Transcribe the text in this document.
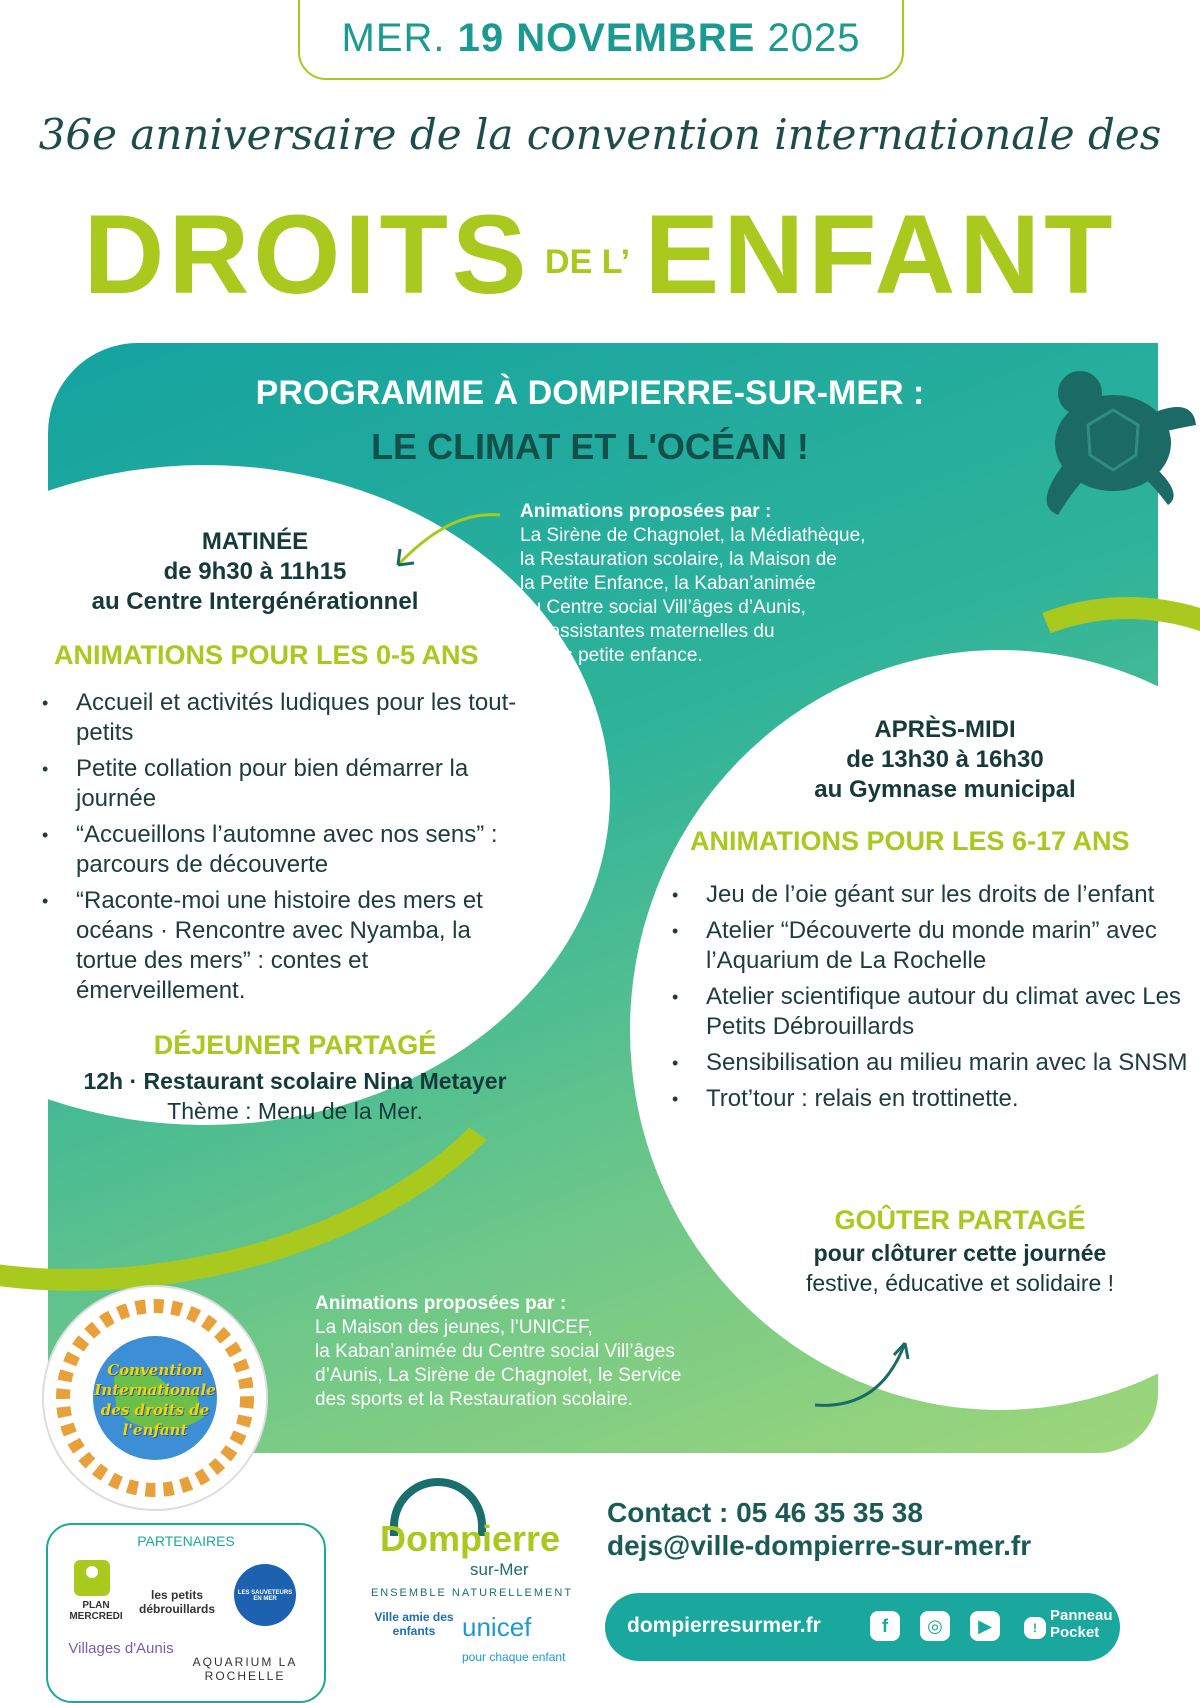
MER. 19 NOVEMBRE 2025
36e anniversaire de la convention internationale des
DROITS DE L’ ENFANT
PROGRAMME À DOMPIERRE-SUR-MER :
LE CLIMAT ET L'OCÉAN !
MATINÉE
de 9h30 à 11h15
au Centre Intergénérationnel
ANIMATIONS POUR LES 0-5 ANS
• Accueil et activités ludiques pour les tout-petits
• Petite collation pour bien démarrer la journée
• “Accueillons l’automne avec nos sens” : parcours de découverte
• “Raconte-moi une histoire des mers et océans · Rencontre avec Nyamba, la tortue des mers” : contes et émerveillement.
DÉJEUNER PARTAGÉ
12h · Restaurant scolaire Nina Metayer
Thème : Menu de la Mer.
Animations proposées par :
La Sirène de Chagnolet, la Médiathèque,
la Restauration scolaire, la Maison de
la Petite Enfance, la Kaban’animée
du Centre social Vill’âges d’Aunis,
les assistantes maternelles du
Relais petite enfance.
APRÈS-MIDI
de 13h30 à 16h30
au Gymnase municipal
ANIMATIONS POUR LES 6-17 ANS
• Jeu de l’oie géant sur les droits de l’enfant
• Atelier “Découverte du monde marin” avec l’Aquarium de La Rochelle
• Atelier scientifique autour du climat avec Les Petits Débrouillards
• Sensibilisation au milieu marin avec la SNSM
• Trot’tour : relais en trottinette.
GOÛTER PARTAGÉ
pour clôturer cette journée
festive, éducative et solidaire !
Animations proposées par :
La Maison des jeunes, l’UNICEF,
la Kaban’animée du Centre social Vill’âges
d’Aunis, La Sirène de Chagnolet, le Service
des sports et la Restauration scolaire.
Convention Internationale des droits de l'enfant
PARTENAIRES
PLAN MERCREDI
les petits débrouillards
LES SAUVETEURS EN MER
Villages d'Aunis
AQUARIUM LA ROCHELLE
Dompierre
sur-Mer
ENSEMBLE NATURELLEMENT
Ville amie des enfants	unicef
pour chaque enfant
Contact : 05 46 35 35 38
dejs@ville-dompierre-sur-mer.fr
dompierresurmer.fr	f	◎	▶	!
Panneau Pocket
